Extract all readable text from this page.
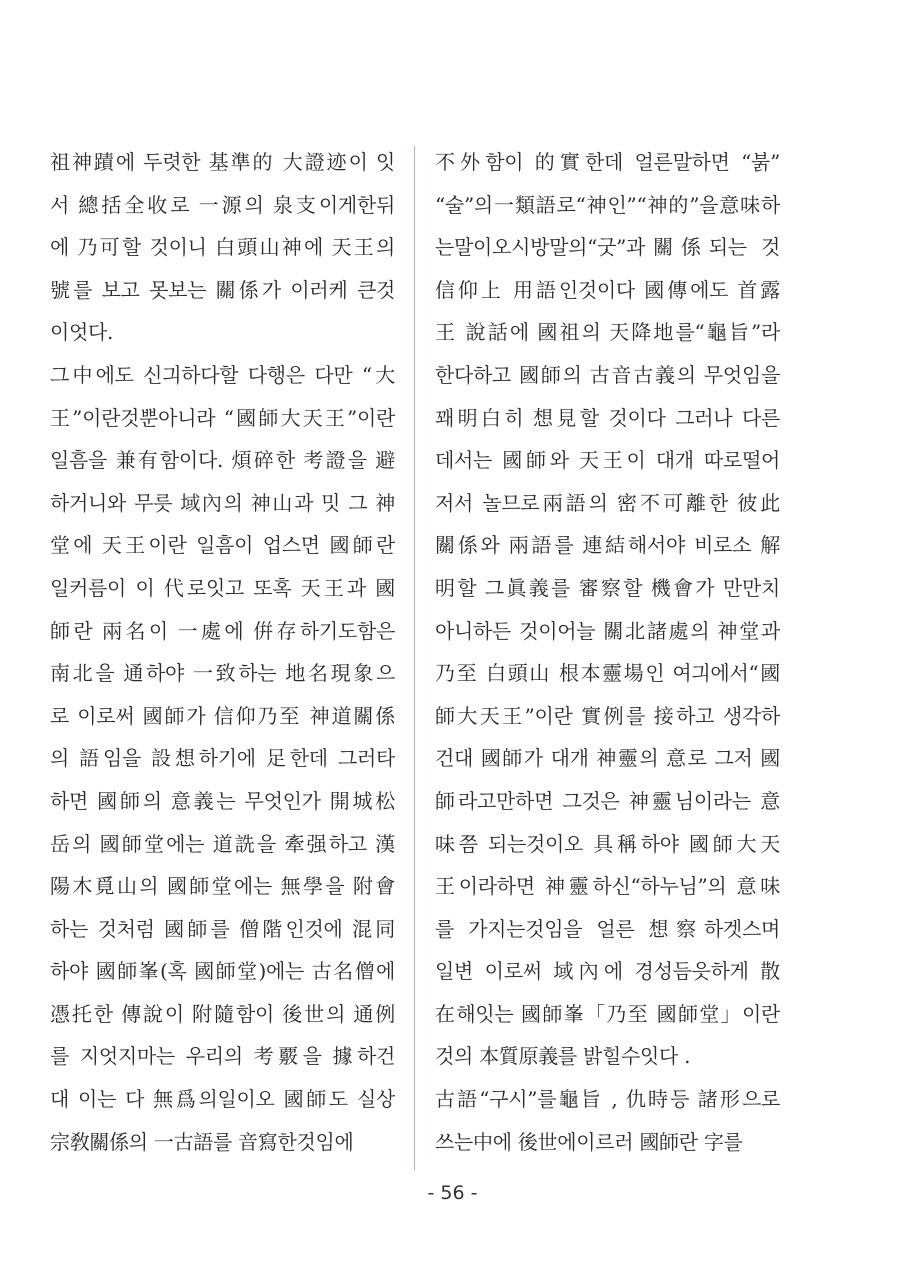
祖神蹟에 두렷한 基準的 大證迹이 잇
서 總括全收로 一源의 泉支이게한뒤
에 乃可할 것이니 白頭山神에 天王의
號를 보고 못보는 關係가 이러케 큰것
이엇다.
그中에도 신긔하다할 다행은 다만 “大
王”이란것뿐아니라 “國師大天王”이란
일흠을 兼有함이다. 煩碎한 考證을 避
하거니와 무릇 域內의 神山과 밋 그 神
堂에 天王이란 일흠이 업스면 國師란
일커름이 이 代로잇고 또혹 天王과 國
師란 兩名이 一處에 倂存하기도함은
南北을 通하야 一致하는 地名現象으
로 이로써 國師가 信仰乃至 神道關係
의 語임을 設想하기에 足한데 그러타
하면 國師의 意義는 무엇인가 開城松
岳의 國師堂에는 道詵을 牽强하고 漢
陽木覓山의 國師堂에는 無學을 附會
하는 것처럼 國師를 僧階인것에 混同
하야 國師峯(혹 國師堂)에는 古名僧에
憑托한 傳說이 附隨함이 後世의 通例
를 지엇지마는 우리의 考覈을 據하건
대 이는 다 無爲의일이오 國師도 실상
宗敎關係의 一古語를 音寫한것임에
不外함이 的實한데 얼른말하면 “붉”
“술”의一類語로“神인”“神的”을意味하
는말이오시방말의“굿”과關係되는 것
信仰上 用語인것이다 國傳에도 首露
王 說話에 國祖의 天降地를“龜旨”라
한다하고 國師의 古音古義의 무엇임을
꽤明白히 想見할 것이다 그러나 다른
데서는 國師와 天王이 대개 따로떨어
저서 놀므로兩語의 密不可離한 彼此
關係와 兩語를 連結해서야 비로소 解
明할 그眞義를 審察할 機會가 만만치
아니하든 것이어늘 關北諸處의 神堂과
乃至 白頭山 根本靈場인 여긔에서“國
師大天王”이란 實例를 接하고 생각하
건대 國師가 대개 神靈의 意로 그저 國
師라고만하면 그것은 神靈님이라는 意
味쯤 되는것이오 具稱하야 國師大天
王이라하면 神靈하신“하누님”의 意味
를 가지는것임을 얼른 想察하겟스며
일변 이로써 域內에 경성듬읏하게 散
在해잇는 國師峯「乃至 國師堂」이란
것의 本質原義를 밝힐수잇다 .
古語“구시”를龜旨 , 仇時등 諸形으로
쓰는中에 後世에이르러 國師란 字를
- 56 -
